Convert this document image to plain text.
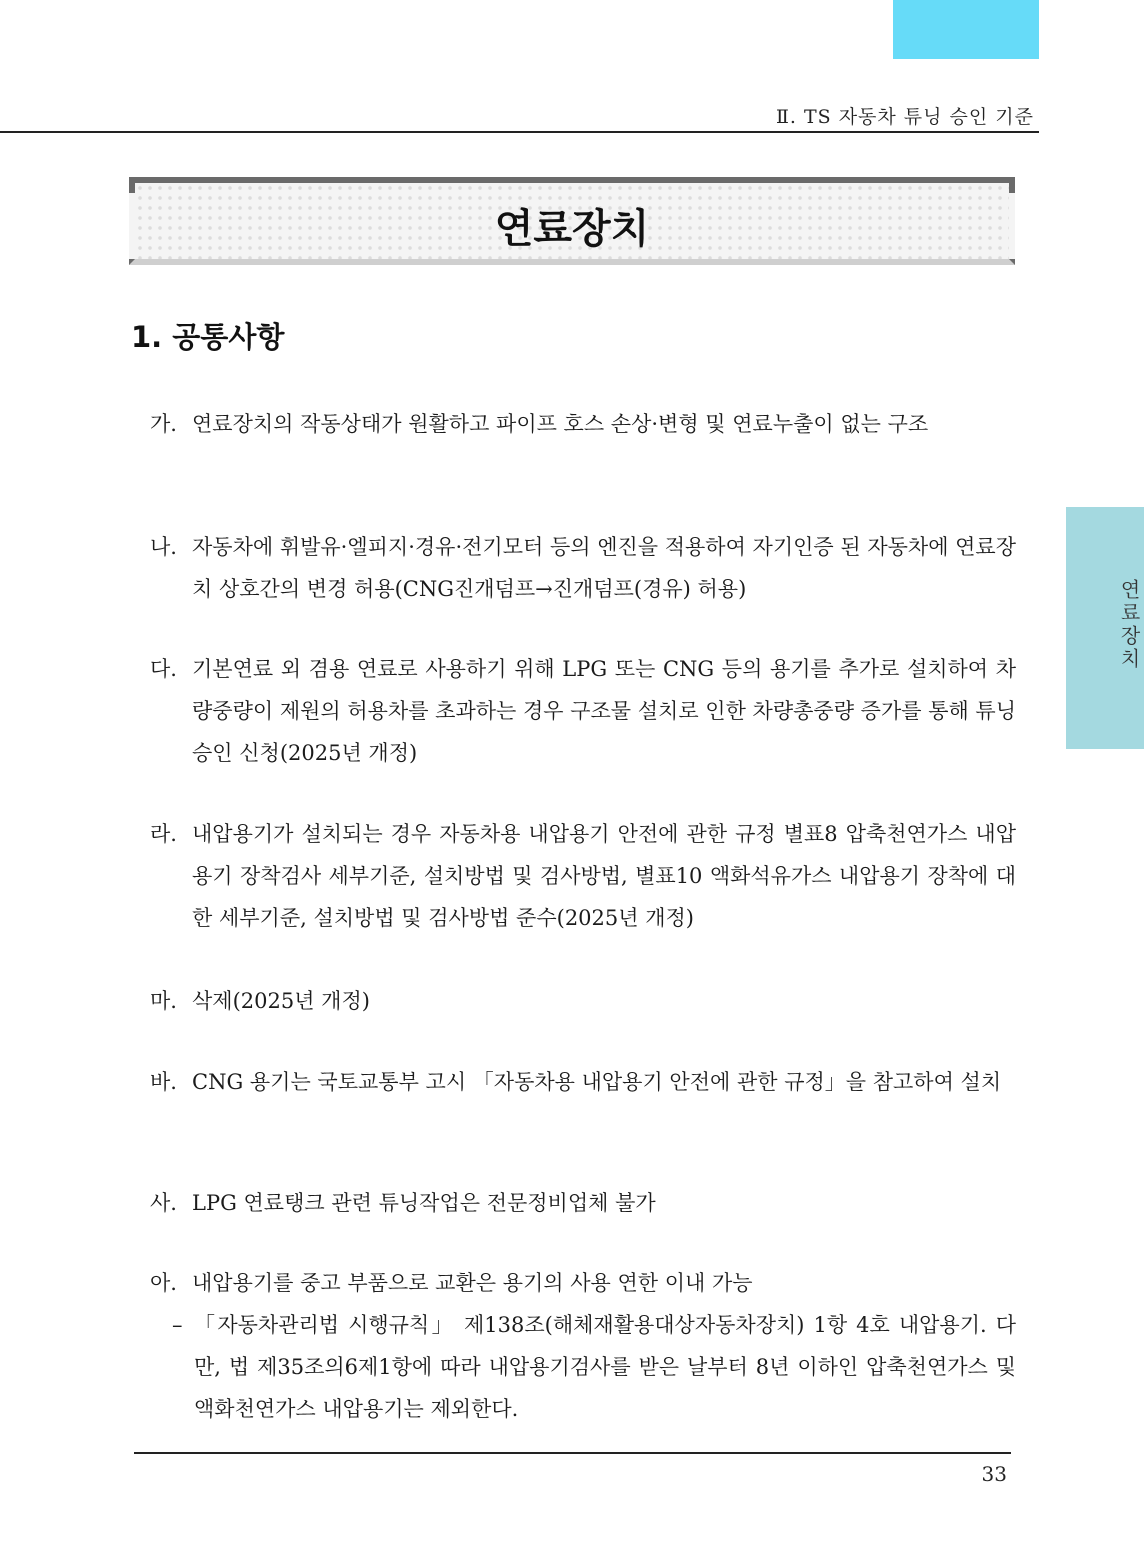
Ⅱ. TS 자동차 튜닝 승인 기준
연료장치
1. 공통사항
연료장치
가. 연료장치의 작동상태가 원활하고 파이프 호스 손상·변형 및 연료누출이 없는 구조
나. 자동차에 휘발유·엘피지·경유·전기모터 등의 엔진을 적용하여 자기인증 된 자동차에 연료장치 상호간의 변경 허용(CNG진개덤프→진개덤프(경유) 허용)
다. 기본연료 외 겸용 연료로 사용하기 위해 LPG 또는 CNG 등의 용기를 추가로 설치하여 차량중량이 제원의 허용차를 초과하는 경우 구조물 설치로 인한 차량총중량 증가를 통해 튜닝승인 신청(2025년 개정)
라. 내압용기가 설치되는 경우 자동차용 내압용기 안전에 관한 규정 별표8 압축천연가스 내압용기 장착검사 세부기준, 설치방법 및 검사방법, 별표10 액화석유가스 내압용기 장착에 대한 세부기준, 설치방법 및 검사방법 준수(2025년 개정)
마. 삭제(2025년 개정)
바. CNG 용기는 국토교통부 고시 「자동차용 내압용기 안전에 관한 규정」을 참고하여 설치
사. LPG 연료탱크 관련 튜닝작업은 전문정비업체 불가
아. 내압용기를 중고 부품으로 교환은 용기의 사용 연한 이내 가능
– 「자동차관리법 시행규칙」 제138조(해체재활용대상자동차장치) 1항 4호 내압용기. 다만, 법 제35조의6제1항에 따라 내압용기검사를 받은 날부터 8년 이하인 압축천연가스 및 액화천연가스 내압용기는 제외한다.
33
